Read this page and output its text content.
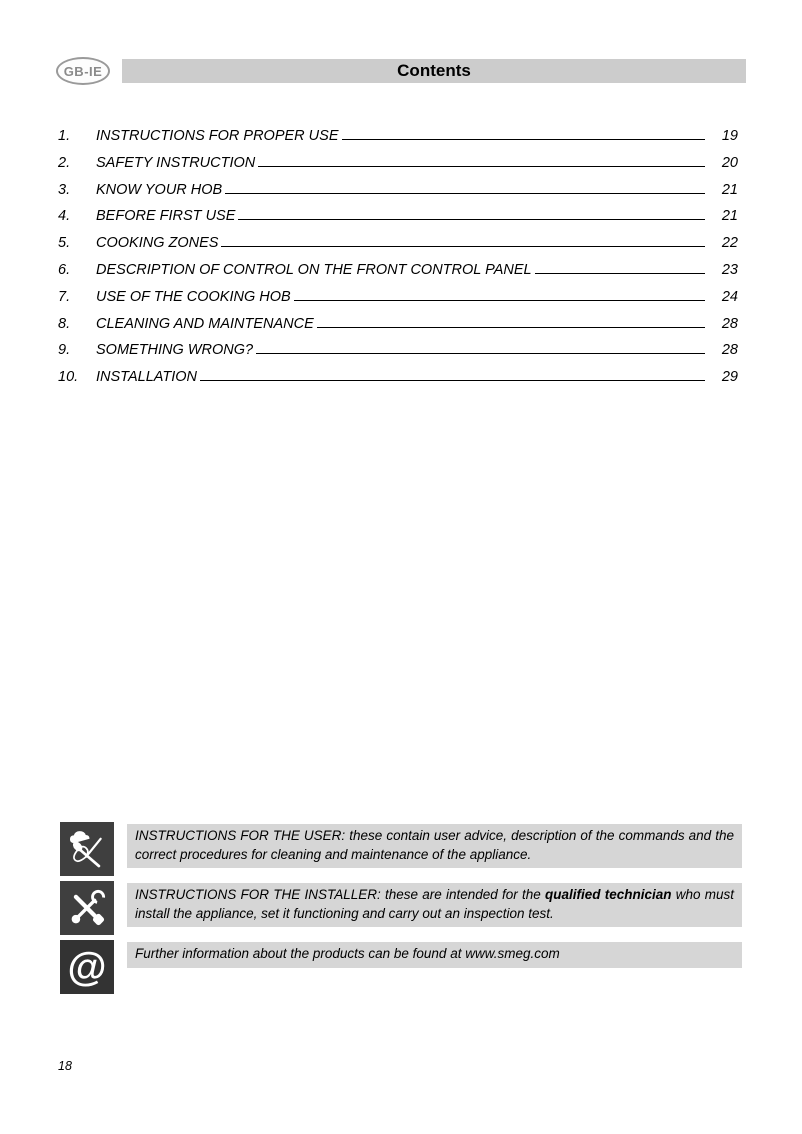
GB-IE	Contents
1.	INSTRUCTIONS FOR PROPER USE	19
2.	SAFETY INSTRUCTION	20
3.	KNOW YOUR HOB	21
4.	BEFORE FIRST USE	21
5.	COOKING ZONES	22
6.	DESCRIPTION OF CONTROL ON THE FRONT CONTROL PANEL	23
7.	USE OF THE COOKING HOB	24
8.	CLEANING AND MAINTENANCE	28
9.	SOMETHING WRONG?	28
10.	INSTALLATION	29
INSTRUCTIONS FOR THE USER: these contain user advice, description of the commands and the correct procedures for cleaning and maintenance of the appliance.
INSTRUCTIONS FOR THE INSTALLER: these are intended for the qualified technician who must install the appliance, set it functioning and carry out an inspection test.
@	Further information about the products can be found at www.smeg.com
18
